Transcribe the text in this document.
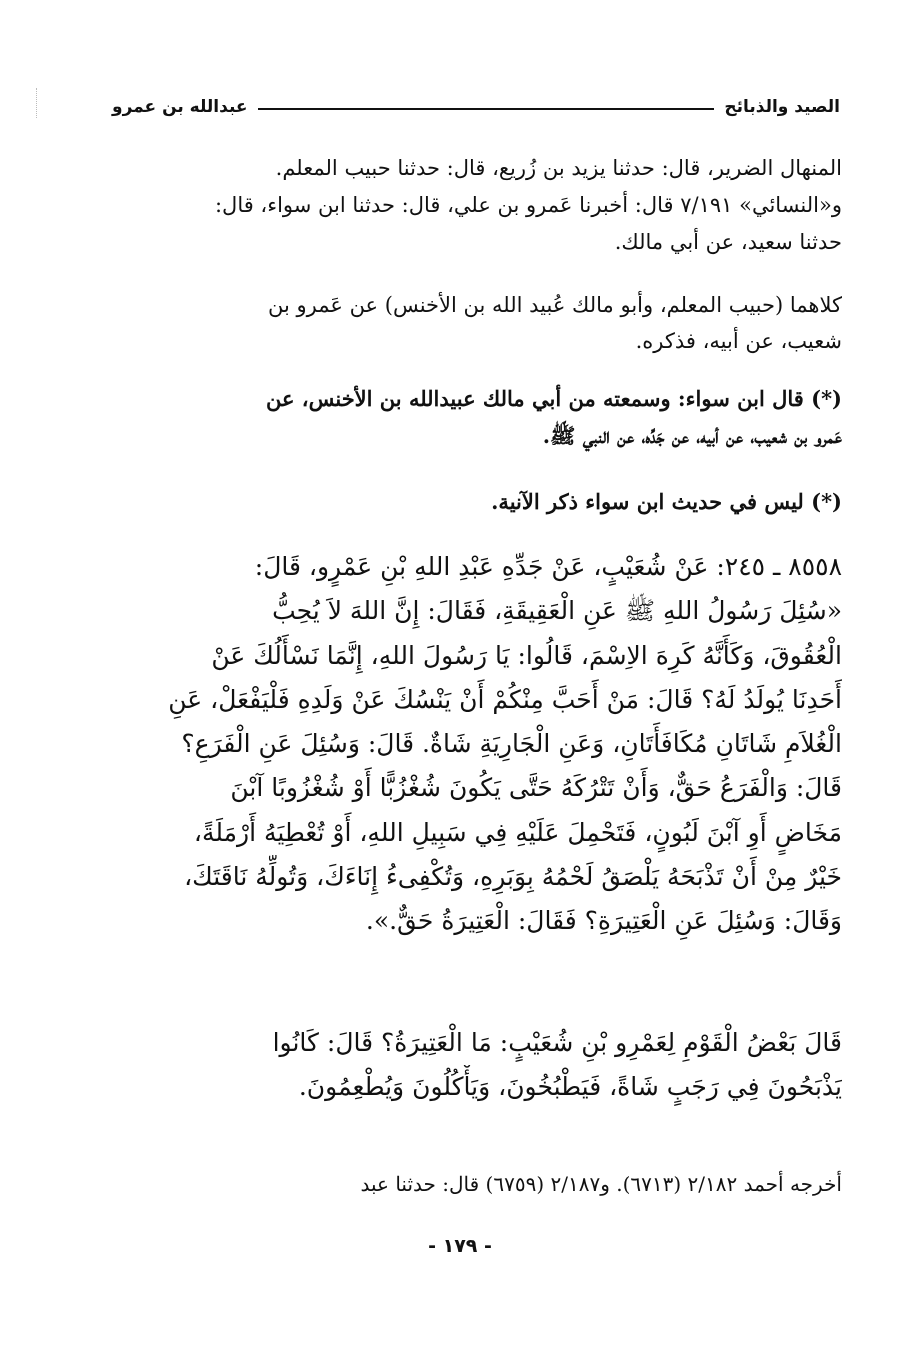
الصيد والذبائح
عبدالله بن عمرو
المنهال الضرير، قال: حدثنا يزيد بن زُريع، قال: حدثنا حبيب المعلم.
و«النسائي» ٧/١٩١ قال: أخبرنا عَمرو بن علي، قال: حدثنا ابن سواء، قال:
حدثنا سعيد، عن أبي مالك.
كلاهما (حبيب المعلم، وأبو مالك عُبيد الله بن الأخنس) عن عَمرو بن
شعيب، عن أبيه، فذكره.
(*) قال ابن سواء: وسمعته من أبي مالك عبيدالله بن الأخنس، عن
عَمرو بن شعيب، عن أبيه، عن جَدِّه، عن النبي ﷺ.
(*) ليس في حديث ابن سواء ذكر الآنية.
٨٥٥٨ ـ ٢٤٥: عَنْ شُعَيْبٍ، عَنْ جَدِّهِ عَبْدِ اللهِ بْنِ عَمْرٍو، قَالَ:
«سُئِلَ رَسُولُ اللهِ ﷺ عَنِ الْعَقِيقَةِ، فَقَالَ: إِنَّ اللهَ لاَ يُحِبُّ
الْعُقُوقَ، وَكَأَنَّهُ كَرِهَ الاِسْمَ، قَالُوا: يَا رَسُولَ اللهِ، إِنَّمَا نَسْأَلُكَ عَنْ
أَحَدِنَا يُولَدُ لَهُ؟ قَالَ: مَنْ أَحَبَّ مِنْكُمْ أَنْ يَنْسُكَ عَنْ وَلَدِهِ فَلْيَفْعَلْ، عَنِ
الْغُلاَمِ شَاتَانِ مُكَافَأَتَانِ، وَعَنِ الْجَارِيَةِ شَاةٌ. قَالَ: وَسُئِلَ عَنِ الْفَرَعِ؟
قَالَ: وَالْفَرَعُ حَقٌّ، وَأَنْ تَتْرُكَهُ حَتَّى يَكُونَ شُغْزُبًّا أَوْ شُغْزُوبًا آبْنَ
مَخَاضٍ أَوِ آبْنَ لَبُونٍ، فَتَحْمِلَ عَلَيْهِ فِي سَبِيلِ اللهِ، أَوْ تُعْطِيَهُ أَرْمَلَةً،
خَيْرٌ مِنْ أَنْ تَذْبَحَهُ يَلْصَقُ لَحْمُهُ بِوَبَرِهِ، وَتُكْفِىءُ إِنَاءَكَ، وَتُولِّهُ نَاقَتَكَ،
وَقَالَ: وَسُئِلَ عَنِ الْعَتِيرَةِ؟ فَقَالَ: الْعَتِيرَةُ حَقٌّ.».
قَالَ بَعْضُ الْقَوْمِ لِعَمْرِو بْنِ شُعَيْبٍ: مَا الْعَتِيرَةُ؟ قَالَ: كَانُوا
يَذْبَحُونَ فِي رَجَبٍ شَاةً، فَيَطْبُخُونَ، وَيَأْكُلُونَ وَيُطْعِمُونَ.
أخرجه أحمد ٢/١٨٢ (٦٧١٣). و٢/١٨٧ (٦٧٥٩) قال: حدثنا عبد
- ١٧٩ -
